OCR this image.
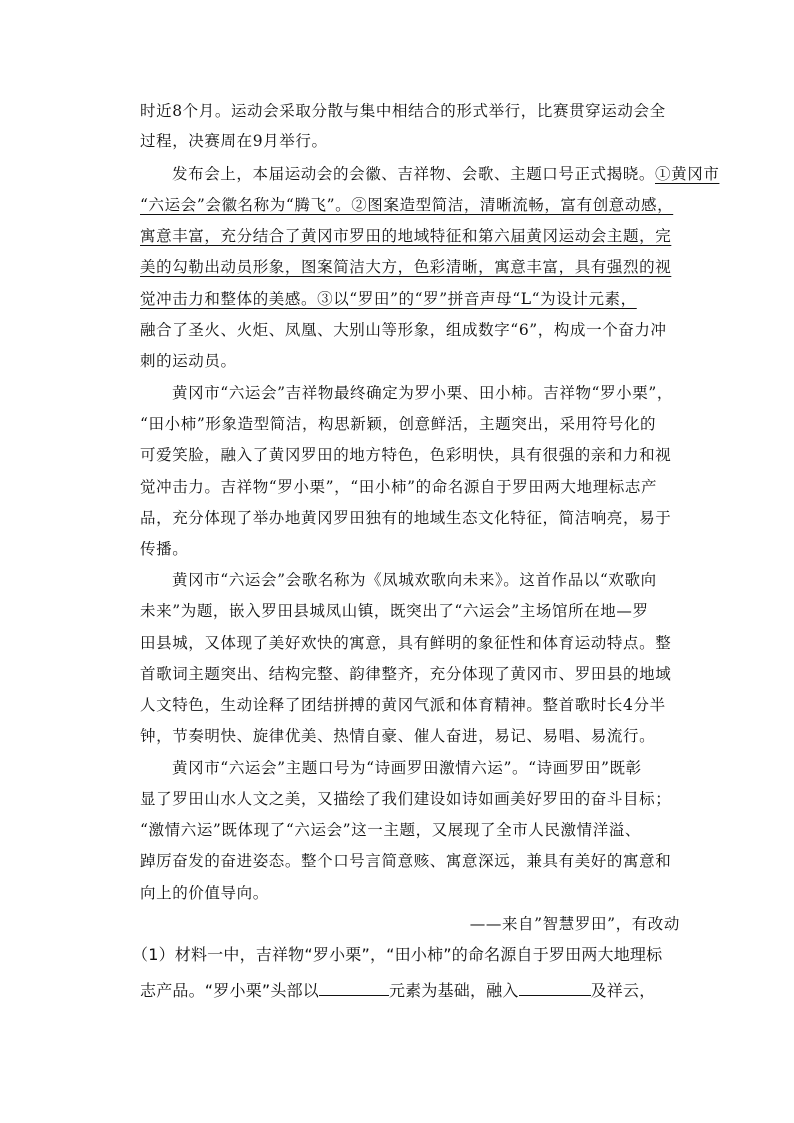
时近8个月。运动会采取分散与集中相结合的形式举行，比赛贯穿运动会全
过程，决赛周在9月举行。
发布会上，本届运动会的会徽、吉祥物、会歌、主题口号正式揭晓。①黄冈市
“六运会”会徽名称为“腾飞”。②图案造型简洁，清晰流畅，富有创意动感，
寓意丰富，充分结合了黄冈市罗田的地域特征和第六届黄冈运动会主题，完
美的勾勒出动员形象，图案简洁大方，色彩清晰，寓意丰富，具有强烈的视
觉冲击力和整体的美感。③以“罗田”的“罗”拼音声母“L“为设计元素，
融合了圣火、火炬、凤凰、大别山等形象，组成数字“6”，构成一个奋力冲
刺的运动员。
黄冈市“六运会”吉祥物最终确定为罗小栗、田小柿。吉祥物“罗小栗”，
“田小柿”形象造型简洁，构思新颖，创意鲜活，主题突出，采用符号化的
可爱笑脸，融入了黄冈罗田的地方特色，色彩明快，具有很强的亲和力和视
觉冲击力。吉祥物“罗小栗”，“田小柿”的命名源自于罗田两大地理标志产
品，充分体现了举办地黄冈罗田独有的地域生态文化特征，简洁响亮，易于
传播。
黄冈市“六运会”会歌名称为《凤城欢歌向未来》。这首作品以“欢歌向
未来”为题，嵌入罗田县城凤山镇，既突出了“六运会”主场馆所在地—罗
田县城，又体现了美好欢快的寓意，具有鲜明的象征性和体育运动特点。整
首歌词主题突出、结构完整、韵律整齐，充分体现了黄冈市、罗田县的地域
人文特色，生动诠释了团结拼搏的黄冈气派和体育精神。整首歌时长4分半
钟，节奏明快、旋律优美、热情自豪、催人奋进，易记、易唱、易流行。
黄冈市“六运会”主题口号为“诗画罗田激情六运”。“诗画罗田”既彰
显了罗田山水人文之美，又描绘了我们建设如诗如画美好罗田的奋斗目标；
“激情六运”既体现了“六运会”这一主题，又展现了全市人民激情洋溢、
踔厉奋发的奋进姿态。整个口号言简意赅、寓意深远，兼具有美好的寓意和
向上的价值导向。
——来自”智慧罗田”，有改动
（1）材料一中，吉祥物“罗小栗”，“田小柿”的命名源自于罗田两大地理标
志产品。“罗小栗”头部以	元素为基础，融入	及祥云，
